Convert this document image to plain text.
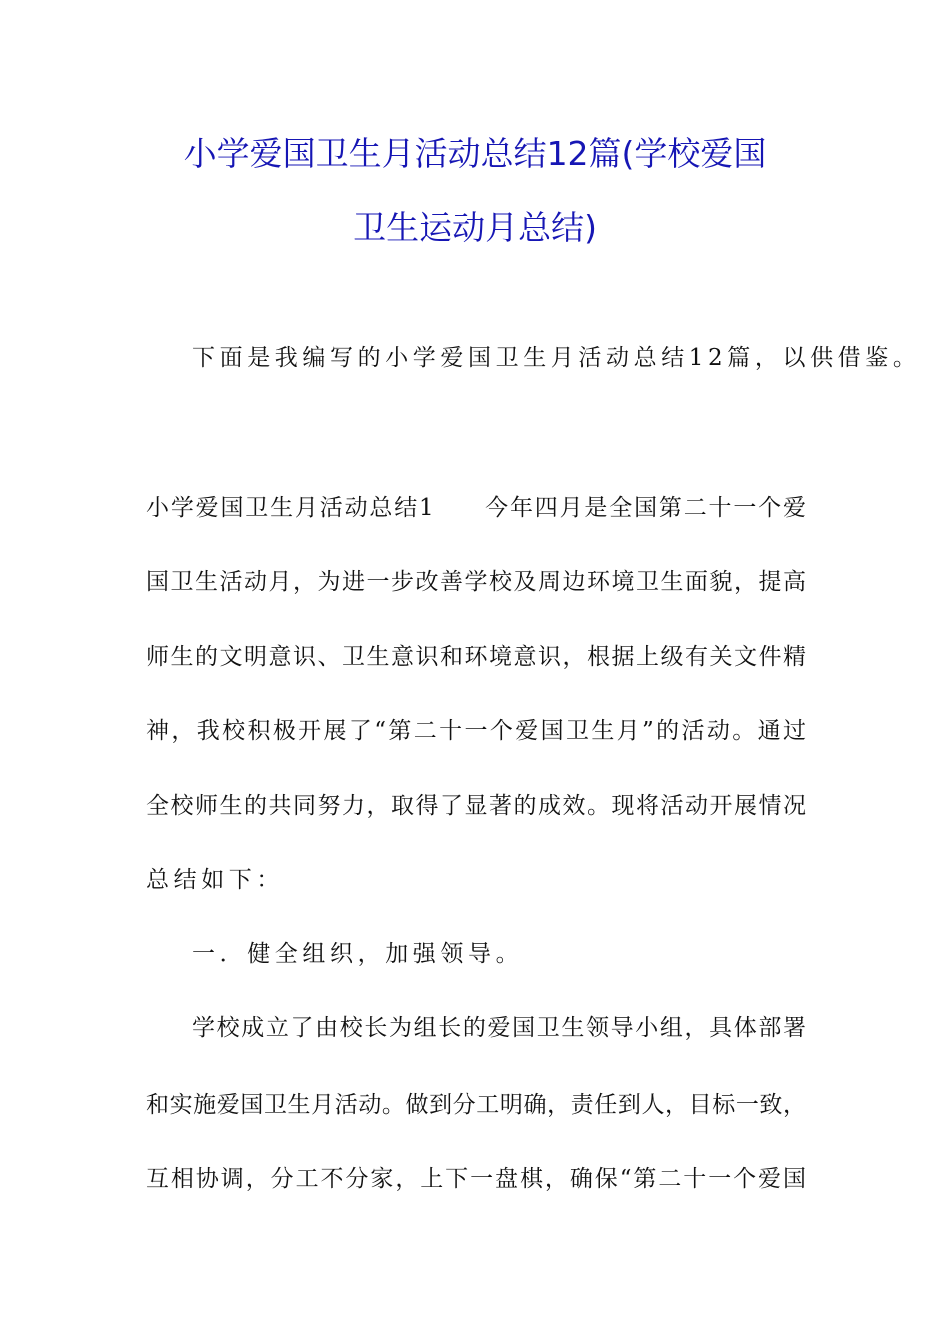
小学爱国卫生月活动总结12篇(学校爱国
卫生运动月总结)
下面是我编写的小学爱国卫生月活动总结12篇，以供借鉴。
小学爱国卫生月活动总结1　　今年四月是全国第二十一个爱
国卫生活动月，为进一步改善学校及周边环境卫生面貌，提高
师生的文明意识、卫生意识和环境意识，根据上级有关文件精
神，我校积极开展了“第二十一个爱国卫生月”的活动。通过
全校师生的共同努力，取得了显著的成效。现将活动开展情况
总结如下：
一．健全组织，加强领导。
学校成立了由校长为组长的爱国卫生领导小组，具体部署
和实施爱国卫生月活动。做到分工明确，责任到人，目标一致，
互相协调，分工不分家，上下一盘棋，确保“第二十一个爱国
